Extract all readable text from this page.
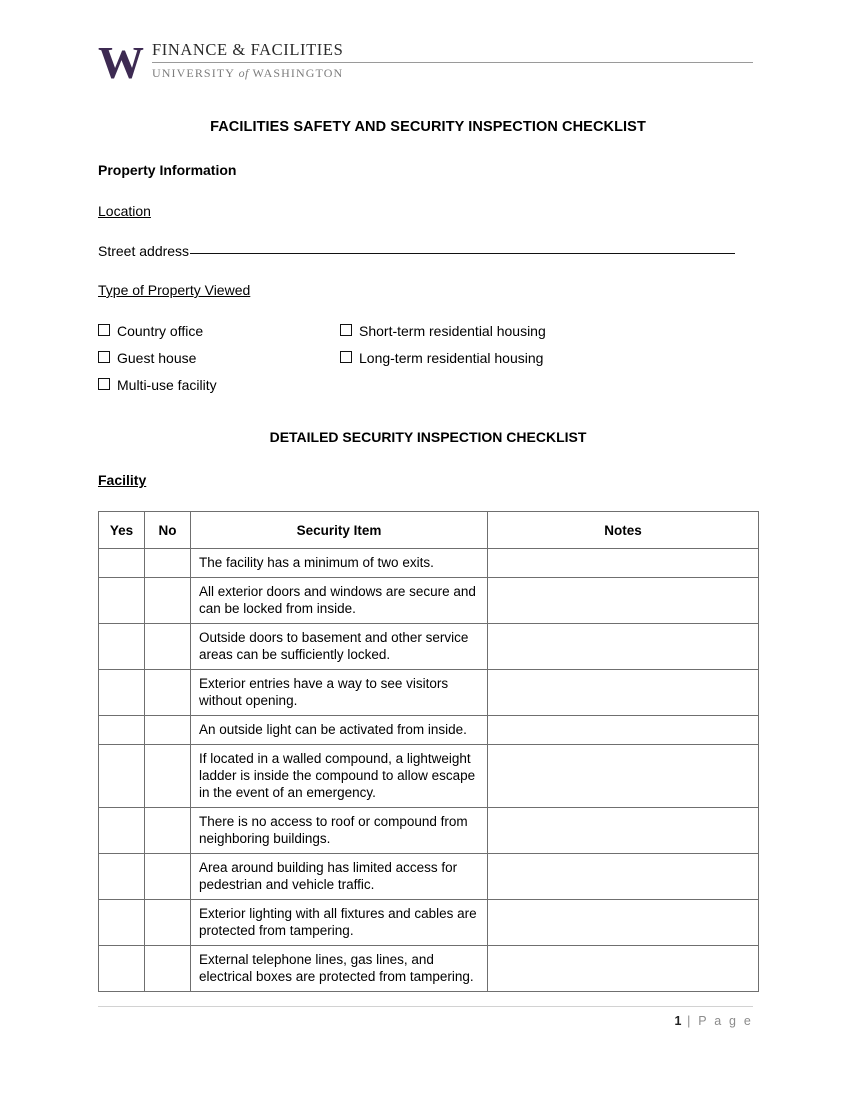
W FINANCE & FACILITIES
UNIVERSITY of WASHINGTON
FACILITIES SAFETY AND SECURITY INSPECTION CHECKLIST
Property Information
Location
Street address
Type of Property Viewed
Country office	Short-term residential housing
Guest house	Long-term residential housing
Multi-use facility
DETAILED SECURITY INSPECTION CHECKLIST
Facility
Yes	No	Security Item	Notes
		The facility has a minimum of two exits.	
		All exterior doors and windows are secure and can be locked from inside.	
		Outside doors to basement and other service areas can be sufficiently locked.	
		Exterior entries have a way to see visitors without opening.	
		An outside light can be activated from inside.	
		If located in a walled compound, a lightweight ladder is inside the compound to allow escape in the event of an emergency.	
		There is no access to roof or compound from neighboring buildings.	
		Area around building has limited access for pedestrian and vehicle traffic.	
		Exterior lighting with all fixtures and cables are protected from tampering.	
		External telephone lines, gas lines, and electrical boxes are protected from tampering.	
1 | P a g e
